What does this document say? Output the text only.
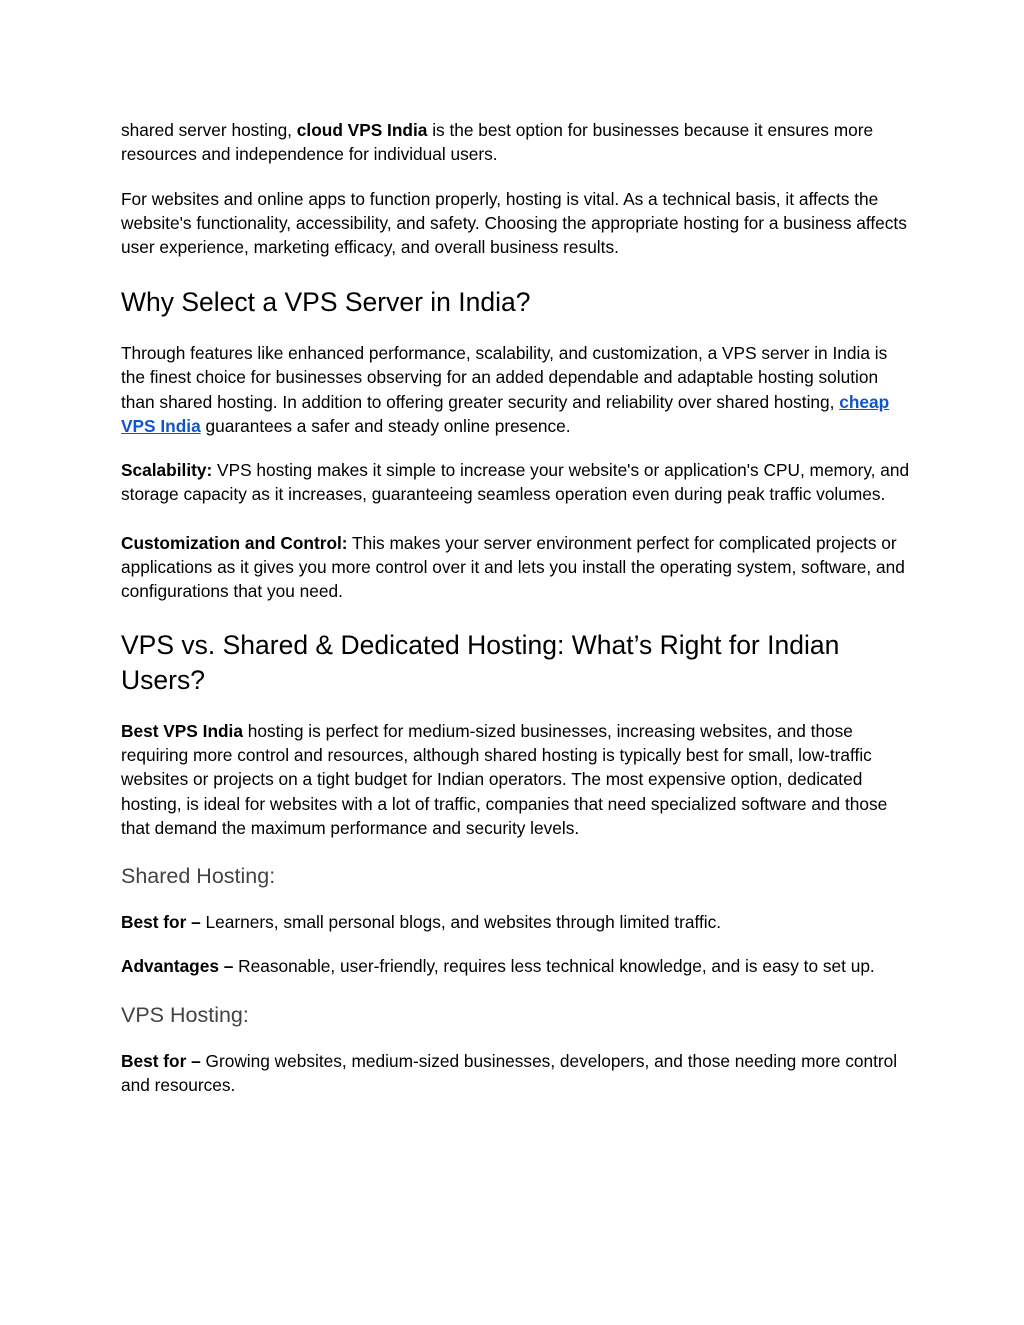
shared server hosting, cloud VPS India is the best option for businesses because it ensures more resources and independence for individual users.

For websites and online apps to function properly, hosting is vital. As a technical basis, it affects the website's functionality, accessibility, and safety. Choosing the appropriate hosting for a business affects user experience, marketing efficacy, and overall business results.

Why Select a VPS Server in India?

Through features like enhanced performance, scalability, and customization, a VPS server in India is the finest choice for businesses observing for an added dependable and adaptable hosting solution than shared hosting. In addition to offering greater security and reliability over shared hosting, cheap VPS India guarantees a safer and steady online presence.

Scalability: VPS hosting makes it simple to increase your website's or application's CPU, memory, and storage capacity as it increases, guaranteeing seamless operation even during peak traffic volumes.

Customization and Control: This makes your server environment perfect for complicated projects or applications as it gives you more control over it and lets you install the operating system, software, and configurations that you need.

VPS vs. Shared & Dedicated Hosting: What’s Right for Indian Users?

Best VPS India hosting is perfect for medium-sized businesses, increasing websites, and those requiring more control and resources, although shared hosting is typically best for small, low-traffic websites or projects on a tight budget for Indian operators. The most expensive option, dedicated hosting, is ideal for websites with a lot of traffic, companies that need specialized software and those that demand the maximum performance and security levels.

Shared Hosting:

Best for – Learners, small personal blogs, and websites through limited traffic.

Advantages – Reasonable, user-friendly, requires less technical knowledge, and is easy to set up.

VPS Hosting:

Best for – Growing websites, medium-sized businesses, developers, and those needing more control and resources.
